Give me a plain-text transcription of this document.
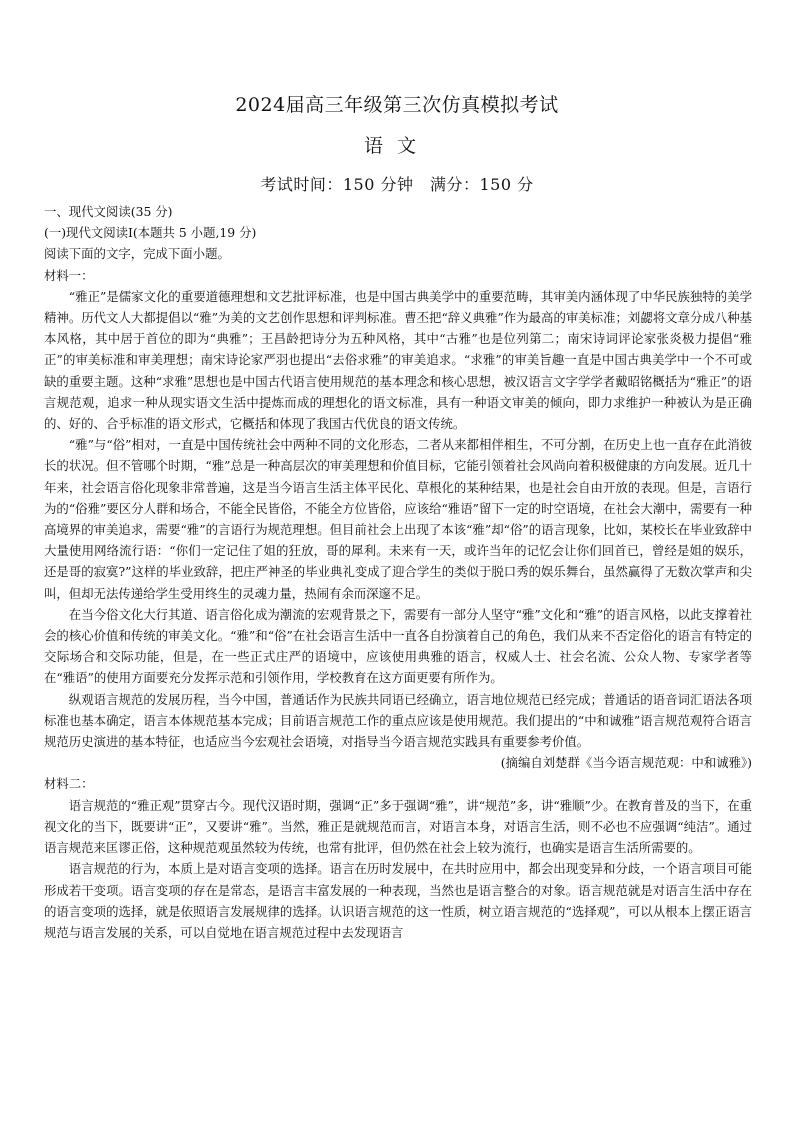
2024届高三年级第三次仿真模拟考试
语文
考试时间：150 分钟　满分：150 分

一、现代文阅读(35 分)

(一)现代文阅读Ⅰ(本题共 5 小题,19 分)

阅读下面的文字，完成下面小题。

材料一：

“雅正”是儒家文化的重要道德理想和文艺批评标准，也是中国古典美学中的重要范畴，其审美内涵体现了中华民族独特的美学精神。历代文人大都提倡以“雅”为美的文艺创作思想和评判标准。曹丕把“辞义典雅”作为最高的审美标准；刘勰将文章分成八种基本风格，其中居于首位的即为“典雅”；王昌龄把诗分为五种风格，其中“古雅”也是位列第二；南宋诗词评论家张炎极力提倡“雅正”的审美标准和审美理想；南宋诗论家严羽也提出“去俗求雅”的审美追求。“求雅”的审美旨趣一直是中国古典美学中一个不可或缺的重要主题。这种“求雅”思想也是中国古代语言使用规范的基本理念和核心思想，被汉语言文字学学者戴昭铭概括为“雅正”的语言规范观，追求一种从现实语文生活中提炼而成的理想化的语文标准，具有一种语文审美的倾向，即力求维护一种被认为是正确的、好的、合乎标准的语文形式，它概括和体现了我国古代优良的语文传统。

“雅”与“俗”相对，一直是中国传统社会中两种不同的文化形态，二者从来都相伴相生，不可分割，在历史上也一直存在此消彼长的状况。但不管哪个时期，“雅”总是一种高层次的审美理想和价值目标，它能引领着社会风尚向着积极健康的方向发展。近几十年来，社会语言俗化现象非常普遍，这是当今语言生活主体平民化、草根化的某种结果，也是社会自由开放的表现。但是，言语行为的“俗雅”要区分人群和场合，不能全民皆俗，不能全方位皆俗，应该给“雅语”留下一定的时空语境，在社会大潮中，需要有一种高境界的审美追求，需要“雅”的言语行为规范理想。但目前社会上出现了本该“雅”却“俗”的语言现象，比如，某校长在毕业致辞中大量使用网络流行语：“你们一定记住了姐的狂放，哥的犀利。未来有一天，或许当年的记忆会让你们回首已，曾经是姐的娱乐，还是哥的寂寞?”这样的毕业致辞，把庄严神圣的毕业典礼变成了迎合学生的类似于脱口秀的娱乐舞台，虽然赢得了无数次掌声和尖叫，但却无法传递给学生受用终生的灵魂力量，热闹有余而深邃不足。

在当今俗文化大行其道、语言俗化成为潮流的宏观背景之下，需要有一部分人坚守“雅”文化和“雅”的语言风格，以此支撑着社会的核心价值和传统的审美文化。“雅”和“俗”在社会语言生活中一直各自扮演着自己的角色，我们从来不否定俗化的语言有特定的交际场合和交际功能，但是，在一些正式庄严的语境中，应该使用典雅的语言，权威人士、社会名流、公众人物、专家学者等在“雅语”的使用方面要充分发挥示范和引领作用，学校教育在这方面更要有所作为。

纵观语言规范的发展历程，当今中国，普通话作为民族共同语已经确立，语言地位规范已经完成；普通话的语音词汇语法各项标准也基本确定，语言本体规范基本完成；目前语言规范工作的重点应该是使用规范。我们提出的“中和诚雅”语言规范观符合语言规范历史演进的基本特征，也适应当今宏观社会语境，对指导当今语言规范实践具有重要参考价值。

(摘编自刘楚群《当今语言规范观：中和诚雅》)

材料二：

语言规范的“雅正观”贯穿古今。现代汉语时期，强调“正”多于强调“雅”，讲“规范”多，讲“雅顺”少。在教育普及的当下，在重视文化的当下，既要讲“正”，又要讲“雅”。当然，雅正是就规范而言，对语言本身，对语言生活，则不必也不应强调“纯洁”。通过语言规范来匡谬正俗，这种规范观虽然较为传统，也常有批评，但仍然在社会上较为流行，也确实是语言生活所需要的。

语言规范的行为，本质上是对语言变项的选择。语言在历时发展中，在共时应用中，都会出现变异和分歧，一个语言项目可能形成若干变项。语言变项的存在是常态，是语言丰富发展的一种表现，当然也是语言整合的对象。语言规范就是对语言生活中存在的语言变项的选择，就是依照语言发展规律的选择。认识语言规范的这一性质，树立语言规范的“选择观”，可以从根本上摆正语言规范与语言发展的关系，可以自觉地在语言规范过程中去发现语言
